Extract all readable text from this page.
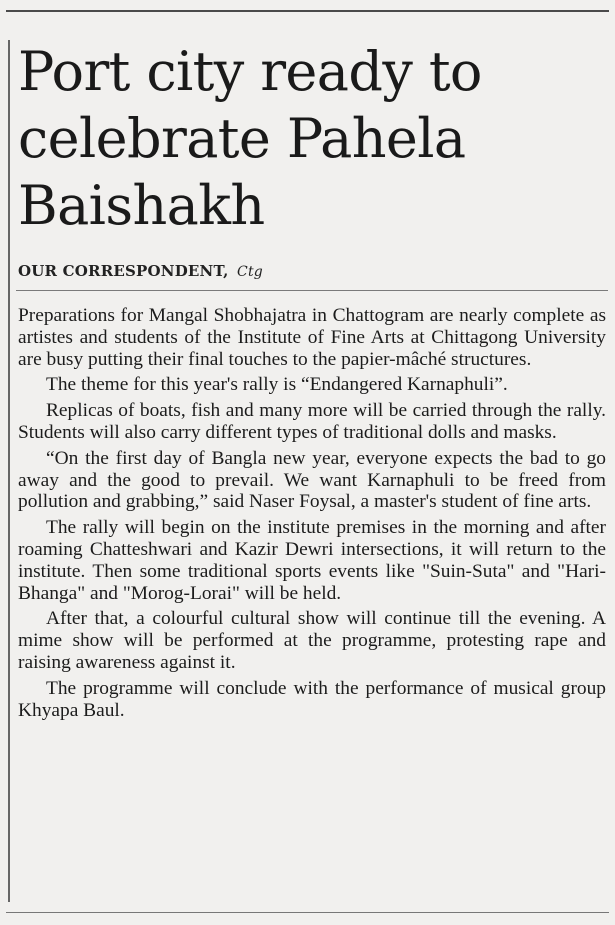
Port city ready to celebrate Pahela Baishakh
OUR CORRESPONDENT, Ctg

Preparations for Mangal Shobhajatra in Chattogram are nearly complete as artistes and students of the Institute of Fine Arts at Chittagong University are busy putting their final touches to the papier-mâché structures.

The theme for this year's rally is “Endangered Karnaphuli”.

Replicas of boats, fish and many more will be carried through the rally. Students will also carry different types of traditional dolls and masks.

“On the first day of Bangla new year, everyone expects the bad to go away and the good to prevail. We want Karnaphuli to be freed from pollution and grabbing,” said Naser Foysal, a master's student of fine arts.

The rally will begin on the institute premises in the morning and after roaming Chatteshwari and Kazir Dewri intersections, it will return to the institute. Then some traditional sports events like "Suin-Suta" and "Hari-Bhanga" and "Morog-Lorai" will be held.

After that, a colourful cultural show will continue till the evening. A mime show will be performed at the programme, protesting rape and raising awareness against it.

The programme will conclude with the performance of musical group Khyapa Baul.
